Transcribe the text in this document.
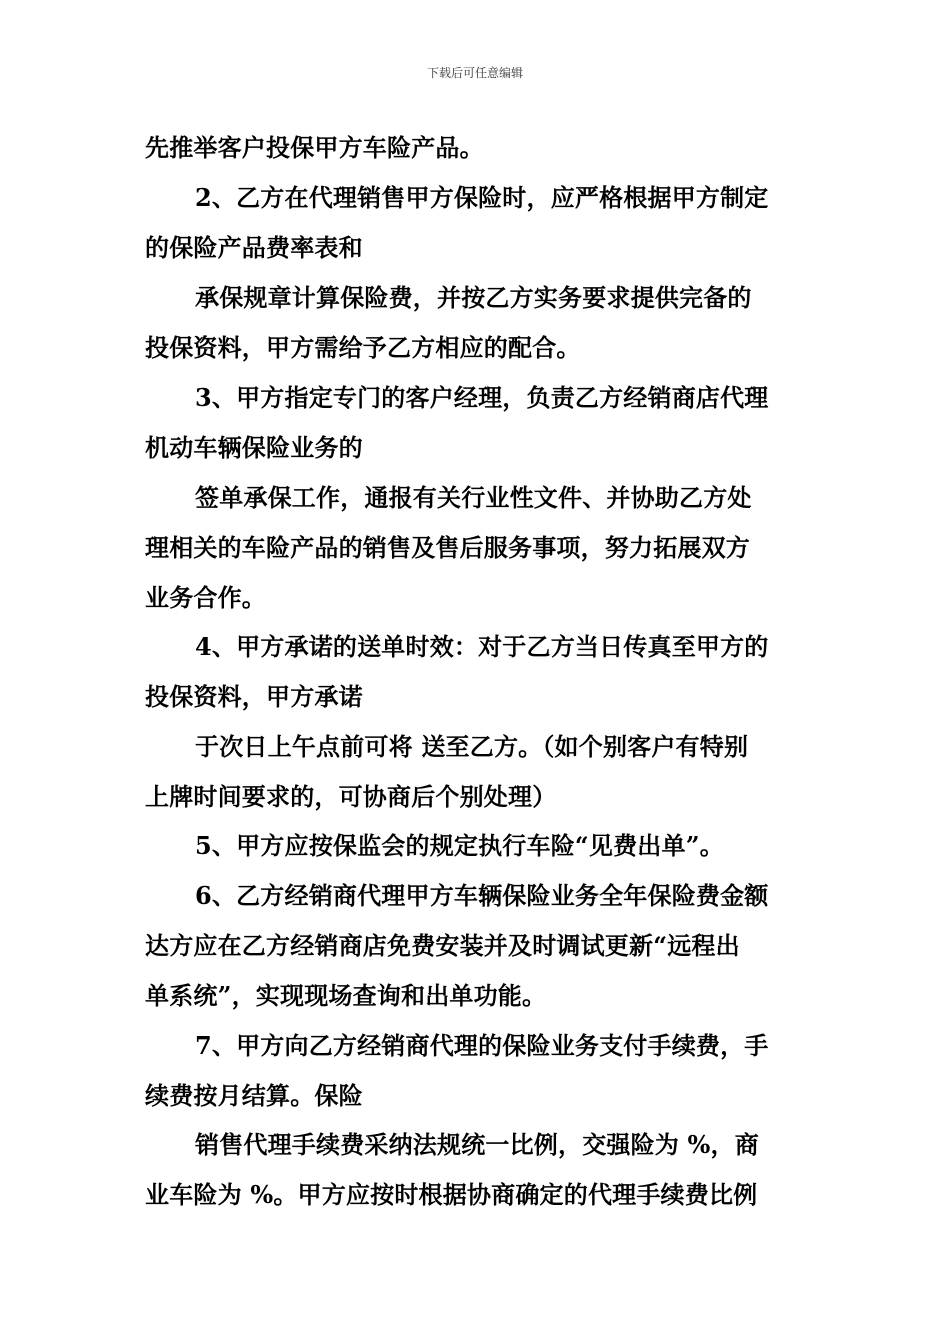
下载后可任意编辑
先推举客户投保甲方车险产品。
2、乙方在代理销售甲方保险时，应严格根据甲方制定
的保险产品费率表和
承保规章计算保险费，并按乙方实务要求提供完备的
投保资料，甲方需给予乙方相应的配合。
3、甲方指定专门的客户经理，负责乙方经销商店代理
机动车辆保险业务的
签单承保工作，通报有关行业性文件、并协助乙方处
理相关的车险产品的销售及售后服务事项，努力拓展双方
业务合作。
4、甲方承诺的送单时效：对于乙方当日传真至甲方的
投保资料，甲方承诺
于次日上午点前可将 送至乙方。（如个别客户有特别
上牌时间要求的，可协商后个别处理）
5、甲方应按保监会的规定执行车险“见费出单”。
6、乙方经销商代理甲方车辆保险业务全年保险费金额
达方应在乙方经销商店免费安装并及时调试更新“远程出
单系统”，实现现场查询和出单功能。
7、甲方向乙方经销商代理的保险业务支付手续费，手
续费按月结算。保险
销售代理手续费采纳法规统一比例，交强险为 %，商
业车险为 %。甲方应按时根据协商确定的代理手续费比例
